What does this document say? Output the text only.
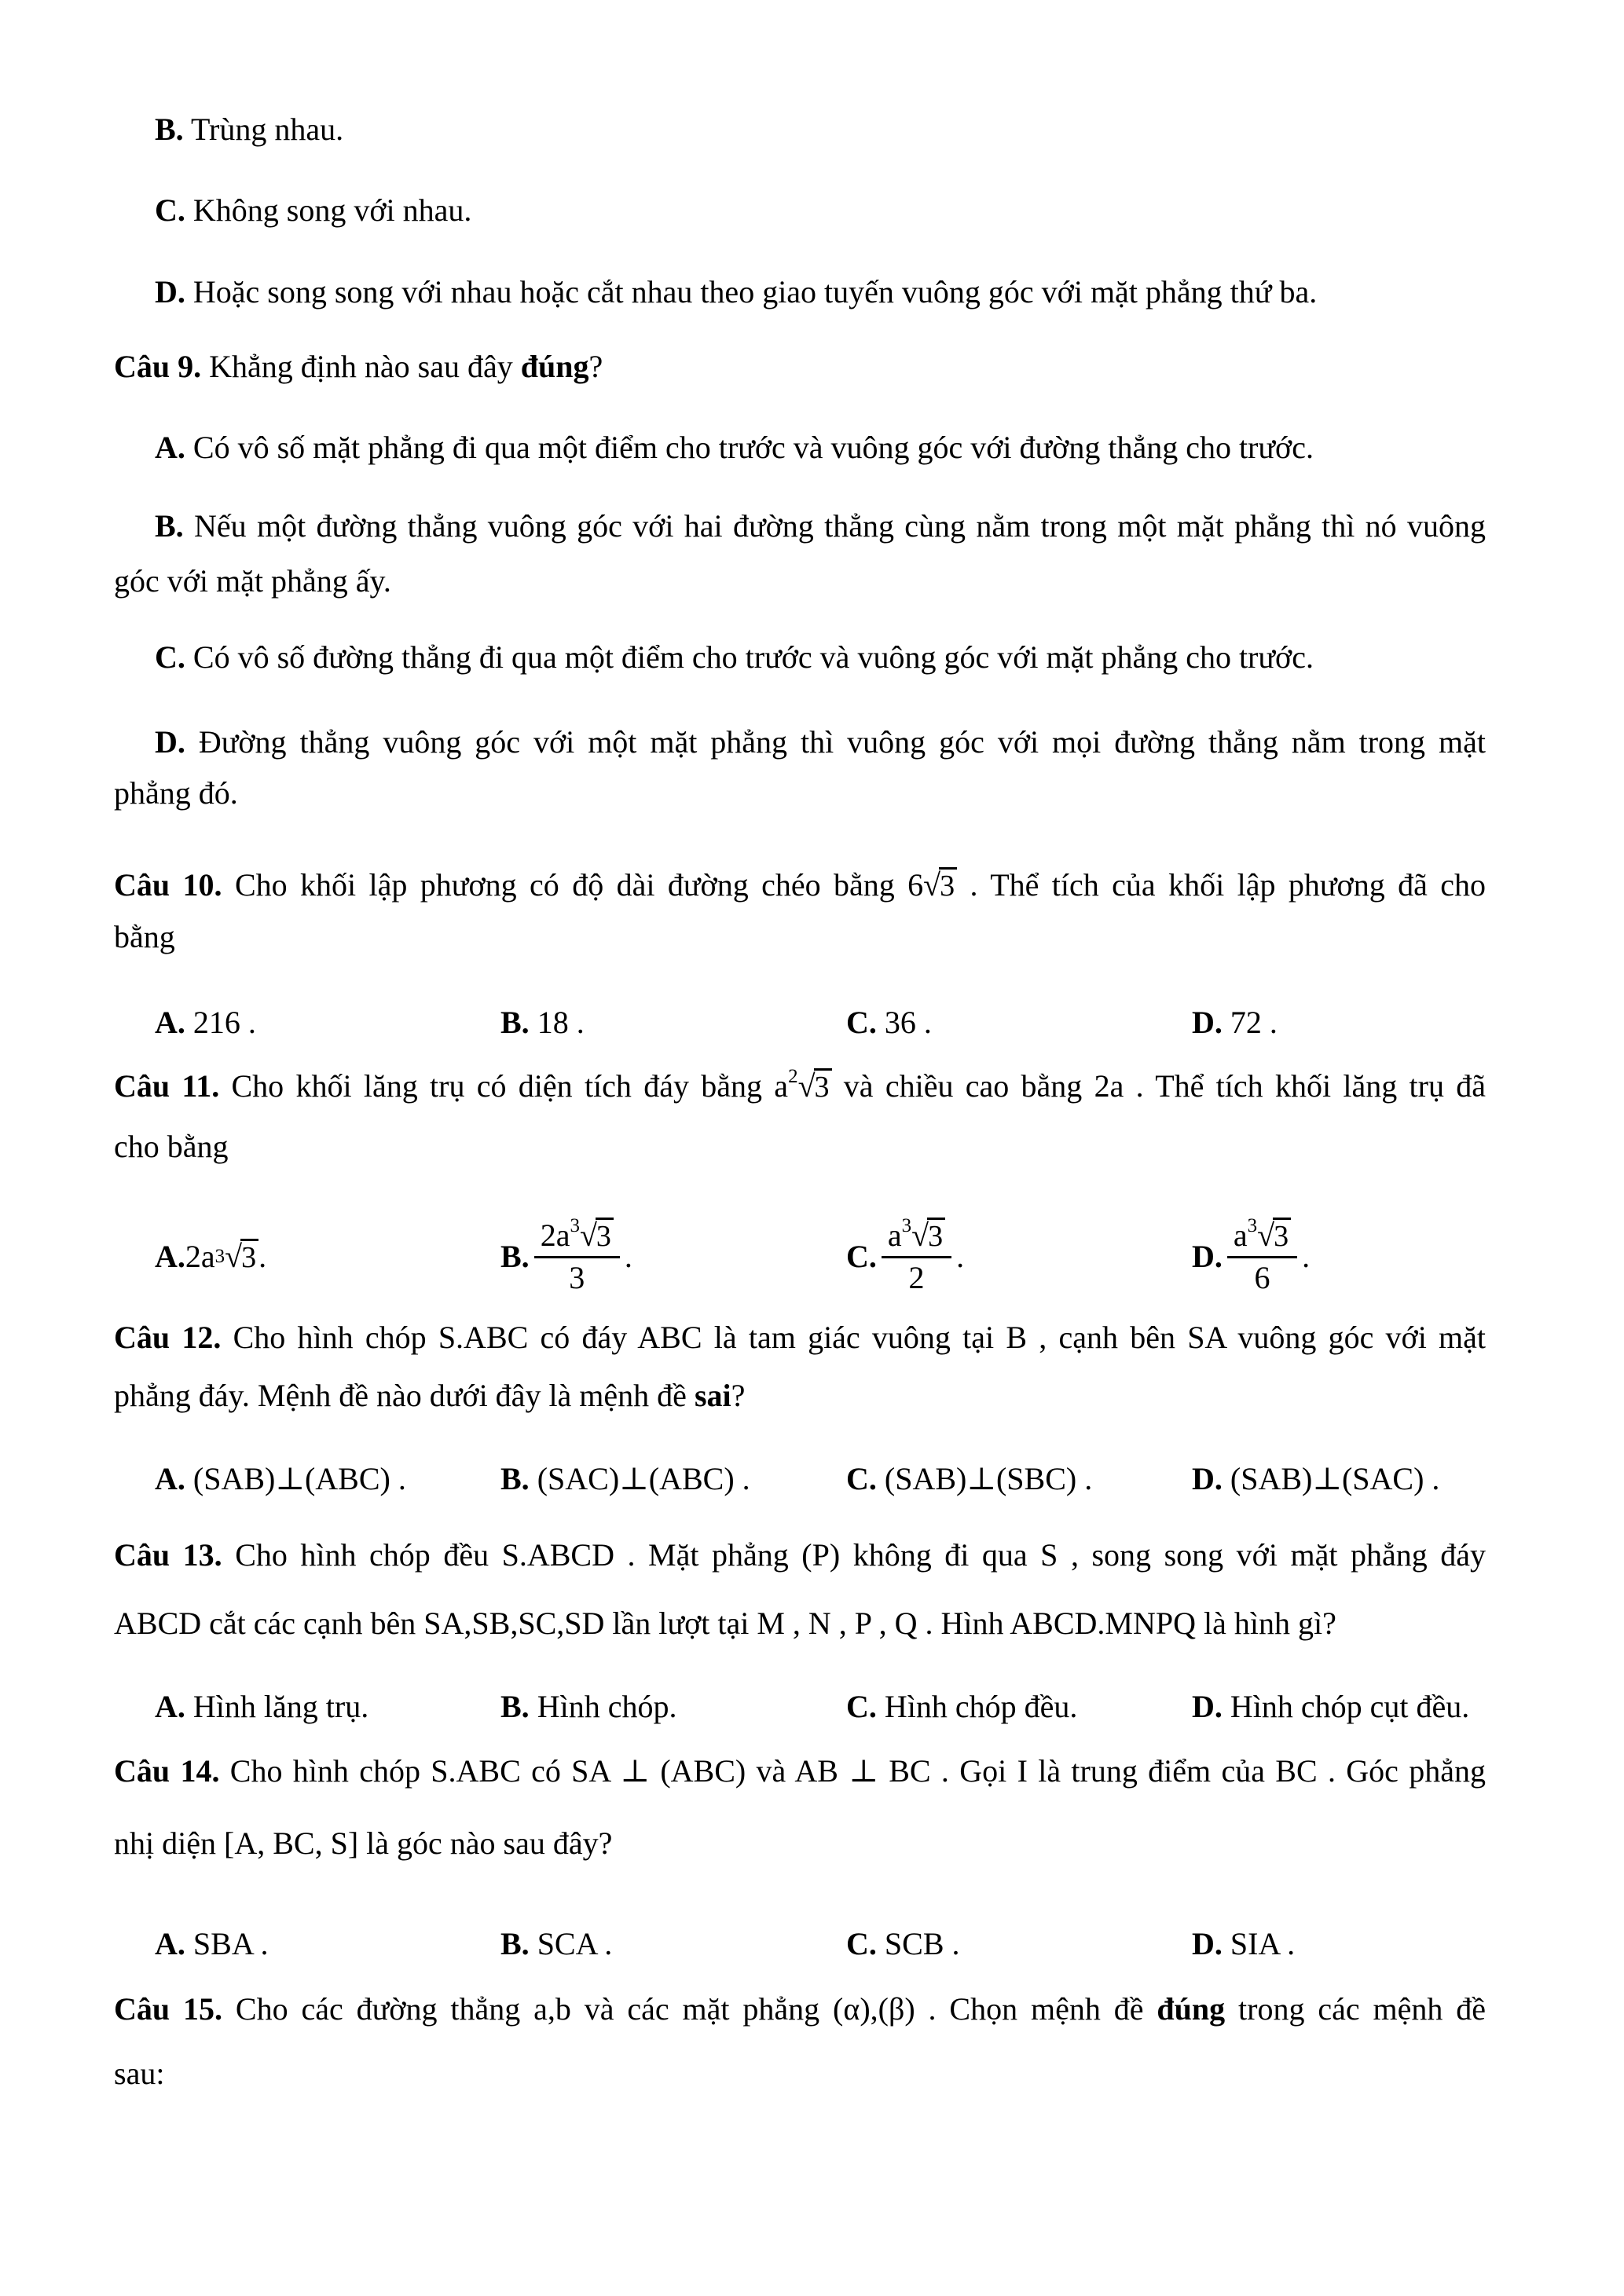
B. Trùng nhau.
C. Không song với nhau.
D. Hoặc song song với nhau hoặc cắt nhau theo giao tuyến vuông góc với mặt phẳng thứ ba.
Câu 9. Khẳng định nào sau đây đúng?
A. Có vô số mặt phẳng đi qua một điểm cho trước và vuông góc với đường thẳng cho trước.
B. Nếu một đường thẳng vuông góc với hai đường thẳng cùng nằm trong một mặt phẳng thì nó vuông
góc với mặt phẳng ấy.
C. Có vô số đường thẳng đi qua một điểm cho trước và vuông góc với mặt phẳng cho trước.
D. Đường thẳng vuông góc với một mặt phẳng thì vuông góc với mọi đường thẳng nằm trong mặt
phẳng đó.
Câu 10. Cho khối lập phương có độ dài đường chéo bằng 6√3 . Thể tích của khối lập phương đã cho
bằng
A. 216 .	B. 18 .	C. 36 .	D. 72 .
Câu 11. Cho khối lăng trụ có diện tích đáy bằng $a^2√3$ và chiều cao bằng 2a . Thể tích khối lăng trụ đã
cho bằng
A. 2 a 3 √3 .	B. $\frac{2a^3√3}{3}$ .	C. $\frac{a^3√3}{2}$ .	D. $\frac{a^3√3}{6}$ .
Câu 12. Cho hình chóp S.ABC có đáy ABC là tam giác vuông tại B , cạnh bên SA vuông góc với mặt
phẳng đáy. Mệnh đề nào dưới đây là mệnh đề sai?
A. (SAB)⊥(ABC) .	B. (SAC)⊥(ABC) .	C. (SAB)⊥(SBC) .	D. (SAB)⊥(SAC) .
Câu 13. Cho hình chóp đều S.ABCD . Mặt phẳng (P) không đi qua S , song song với mặt phẳng đáy
ABCD cắt các cạnh bên SA,SB,SC,SD lần lượt tại M , N , P , Q . Hình ABCD.MNPQ là hình gì?
A. Hình lăng trụ.	B. Hình chóp.	C. Hình chóp đều.	D. Hình chóp cụt đều.
Câu 14. Cho hình chóp S.ABC có SA ⊥ (ABC) và AB ⊥ BC . Gọi I là trung điểm của BC . Góc phẳng
nhị diện [A, BC, S] là góc nào sau đây?
A. SBA .	B. SCA .	C. SCB .	D. SIA .
Câu 15. Cho các đường thẳng a,b và các mặt phẳng (α),(β) . Chọn mệnh đề đúng trong các mệnh đề
sau:
